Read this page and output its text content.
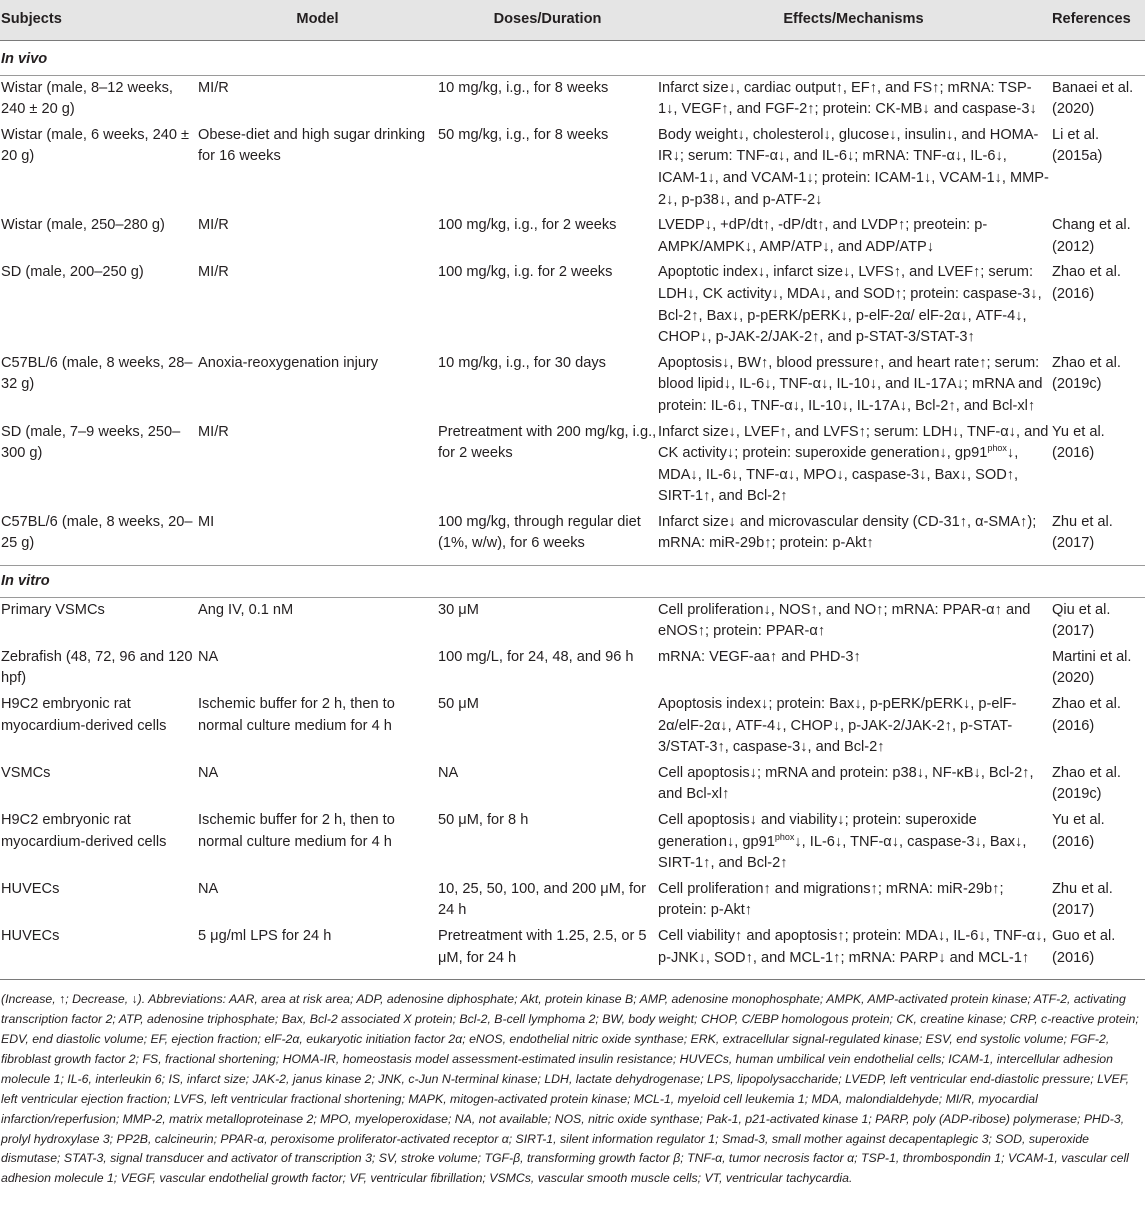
Subjects	Model	Doses/Duration	Effects/Mechanisms	References
In vivo				
Wistar (male, 8–12 weeks, 240 ± 20 g)	MI/R	10 mg/kg, i.g., for 8 weeks	Infarct size↓, cardiac output↑, EF↑, and FS↑; mRNA: TSP-1↓, VEGF↑, and FGF-2↑; protein: CK-MB↓ and caspase-3↓	Banaei et al. (2020)
Wistar (male, 6 weeks, 240 ± 20 g)	Obese-diet and high sugar drinking for 16 weeks	50 mg/kg, i.g., for 8 weeks	Body weight↓, cholesterol↓, glucose↓, insulin↓, and HOMA-IR↓; serum: TNF-α↓, and IL-6↓; mRNA: TNF-α↓, IL-6↓, ICAM-1↓, and VCAM-1↓; protein: ICAM-1↓, VCAM-1↓, MMP-2↓, p-p38↓, and p-ATF-2↓	Li et al. (2015a)
Wistar (male, 250–280 g)	MI/R	100 mg/kg, i.g., for 2 weeks	LVEDP↓, +dP/dt↑, -dP/dt↑, and LVDP↑; preotein: p-AMPK/AMPK↓, AMP/ATP↓, and ADP/ATP↓	Chang et al. (2012)
SD (male, 200–250 g)	MI/R	100 mg/kg, i.g. for 2 weeks	Apoptotic index↓, infarct size↓, LVFS↑, and LVEF↑; serum: LDH↓, CK activity↓, MDA↓, and SOD↑; protein: caspase-3↓, Bcl-2↑, Bax↓, p-pERK/pERK↓, p-elF-2α/ elF-2α↓, ATF-4↓, CHOP↓, p-JAK-2/JAK-2↑, and p-STAT-3/STAT-3↑	Zhao et al. (2016)
C57BL/6 (male, 8 weeks, 28–32 g)	Anoxia-reoxygenation injury	10 mg/kg, i.g., for 30 days	Apoptosis↓, BW↑, blood pressure↑, and heart rate↑; serum: blood lipid↓, IL-6↓, TNF-α↓, IL-10↓, and IL-17A↓; mRNA and protein: IL-6↓, TNF-α↓, IL-10↓, IL-17A↓, Bcl-2↑, and Bcl-xl↑	Zhao et al. (2019c)
SD (male, 7–9 weeks, 250–300 g)	MI/R	Pretreatment with 200 mg/kg, i.g., for 2 weeks	Infarct size↓, LVEF↑, and LVFS↑; serum: LDH↓, TNF-α↓, and CK activity↓; protein: superoxide generation↓, $gp91^{phox}↓$, MDA↓, IL-6↓, TNF-α↓, MPO↓, caspase-3↓, Bax↓, SOD↑, SIRT-1↑, and Bcl-2↑	Yu et al. (2016)
C57BL/6 (male, 8 weeks, 20–25 g)	MI	100 mg/kg, through regular diet (1%, w/w), for 6 weeks	Infarct size↓ and microvascular density (CD-31↑, α-SMA↑); mRNA: miR-29b↑; protein: p-Akt↑	Zhu et al. (2017)
In vitro				
Primary VSMCs	Ang IV, 0.1 nM	30 μM	Cell proliferation↓, NOS↑, and NO↑; mRNA: PPAR-α↑ and eNOS↑; protein: PPAR-α↑	Qiu et al. (2017)
Zebrafish (48, 72, 96 and 120 hpf)	NA	100 mg/L, for 24, 48, and 96 h	mRNA: VEGF-aa↑ and PHD-3↑	Martini et al. (2020)
H9C2 embryonic rat myocardium-derived cells	Ischemic buffer for 2 h, then to normal culture medium for 4 h	50 μM	Apoptosis index↓; protein: Bax↓, p-pERK/pERK↓, p-elF-2α/elF-2α↓, ATF-4↓, CHOP↓, p-JAK-2/JAK-2↑, p-STAT-3/STAT-3↑, caspase-3↓, and Bcl-2↑	Zhao et al. (2016)
VSMCs	NA	NA	Cell apoptosis↓; mRNA and protein: p38↓, NF-κB↓, Bcl-2↑, and Bcl-xl↑	Zhao et al. (2019c)
H9C2 embryonic rat myocardium-derived cells	Ischemic buffer for 2 h, then to normal culture medium for 4 h	50 μM, for 8 h	Cell apoptosis↓ and viability↓; protein: superoxide generation↓, $gp91^{phox}↓$, IL-6↓, TNF-α↓, caspase-3↓, Bax↓, SIRT-1↑, and Bcl-2↑	Yu et al. (2016)
HUVECs	NA	10, 25, 50, 100, and 200 μM, for 24 h	Cell proliferation↑ and migrations↑; mRNA: miR-29b↑; protein: p-Akt↑	Zhu et al. (2017)
HUVECs	5 μg/ml LPS for 24 h	Pretreatment with 1.25, 2.5, or 5 μM, for 24 h	Cell viability↑ and apoptosis↑; protein: MDA↓, IL-6↓, TNF-α↓, p-JNK↓, SOD↑, and MCL-1↑; mRNA: PARP↓ and MCL-1↑	Guo et al. (2016)

(Increase, ↑; Decrease, ↓). Abbreviations: AAR, area at risk area; ADP, adenosine diphosphate; Akt, protein kinase B; AMP, adenosine monophosphate; AMPK, AMP-activated protein kinase; ATF-2, activating transcription factor 2; ATP, adenosine triphosphate; Bax, Bcl-2 associated X protein; Bcl-2, B-cell lymphoma 2; BW, body weight; CHOP, C/EBP homologous protein; CK, creatine kinase; CRP, c-reactive protein; EDV, end diastolic volume; EF, ejection fraction; elF-2α, eukaryotic initiation factor 2α; eNOS, endothelial nitric oxide synthase; ERK, extracellular signal-regulated kinase; ESV, end systolic volume; FGF-2, fibroblast growth factor 2; FS, fractional shortening; HOMA-IR, homeostasis model assessment-estimated insulin resistance; HUVECs, human umbilical vein endothelial cells; ICAM-1, intercellular adhesion molecule 1; IL-6, interleukin 6; IS, infarct size; JAK-2, janus kinase 2; JNK, c-Jun N-terminal kinase; LDH, lactate dehydrogenase; LPS, lipopolysaccharide; LVEDP, left ventricular end-diastolic pressure; LVEF, left ventricular ejection fraction; LVFS, left ventricular fractional shortening; MAPK, mitogen-activated protein kinase; MCL-1, myeloid cell leukemia 1; MDA, malondialdehyde; MI/R, myocardial infarction/reperfusion; MMP-2, matrix metalloproteinase 2; MPO, myeloperoxidase; NA, not available; NOS, nitric oxide synthase; Pak-1, p21-activated kinase 1; PARP, poly (ADP-ribose) polymerase; PHD-3, prolyl hydroxylase 3; PP2B, calcineurin; PPAR-α, peroxisome proliferator-activated receptor α; SIRT-1, silent information regulator 1; Smad-3, small mother against decapentaplegic 3; SOD, superoxide dismutase; STAT-3, signal transducer and activator of transcription 3; SV, stroke volume; TGF-β, transforming growth factor β; TNF-α, tumor necrosis factor α; TSP-1, thrombospondin 1; VCAM-1, vascular cell adhesion molecule 1; VEGF, vascular endothelial growth factor; VF, ventricular fibrillation; VSMCs, vascular smooth muscle cells; VT, ventricular tachycardia.
